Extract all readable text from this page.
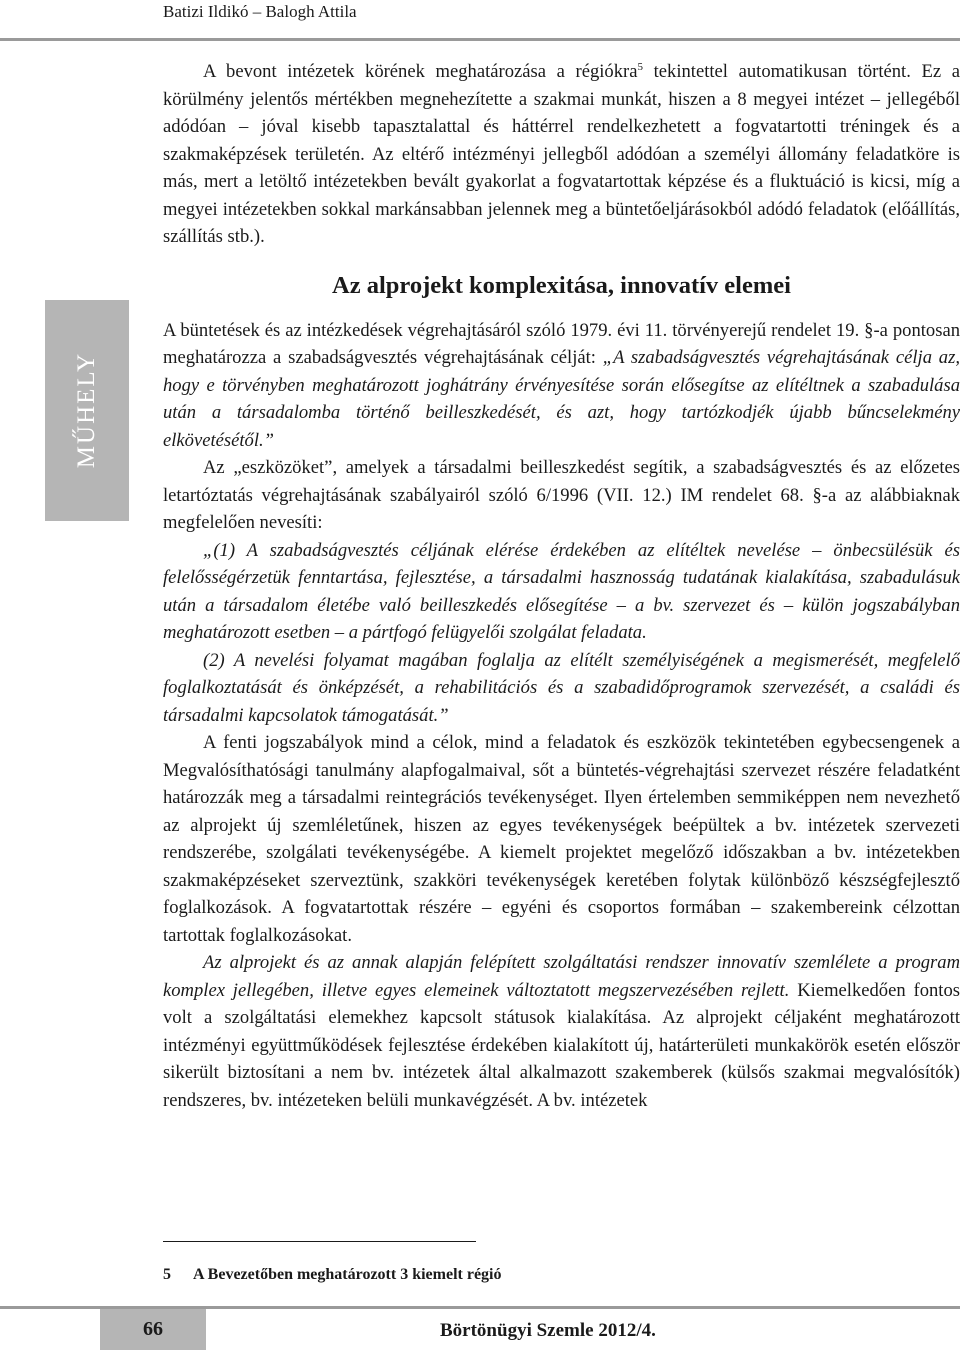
Batizi Ildikó – Balogh Attila
MŰHELY

A bevont intézetek körének meghatározása a régiókra$^5$ tekintettel automatikusan történt. Ez a körülmény jelentős mértékben megnehezítette a szakmai munkát, hiszen a 8 megyei intézet – jellegéből adódóan – jóval kisebb tapasztalattal és háttérrel rendelkezhetett a fogvatartotti tréningek és a szakmaképzések területén. Az eltérő intézményi jellegből adódóan a személyi állomány feladatköre is más, mert a letöltő intézetekben bevált gyakorlat a fogvatartottak képzése és a fluktuáció is kicsi, míg a megyei intézetekben sokkal markánsabban jelennek meg a büntetőeljárásokból adódó feladatok (előállítás, szállítás stb.).

Az alprojekt komplexitása, innovatív elemei

A büntetések és az intézkedések végrehajtásáról szóló 1979. évi 11. törvényerejű rendelet 19. §-a pontosan meghatározza a szabadságvesztés végrehajtásának célját: „A szabadságvesztés végrehajtásának célja az, hogy e törvényben meghatározott joghátrány érvényesítése során elősegítse az elítéltnek a szabadulása után a társadalomba történő beilleszkedését, és azt, hogy tartózkodjék újabb bűncselekmény elkövetésétől.”

Az „eszközöket”, amelyek a társadalmi beilleszkedést segítik, a szabadságvesztés és az előzetes letartóztatás végrehajtásának szabályairól szóló 6/1996 (VII. 12.) IM rendelet 68. §-a az alábbiaknak megfelelően nevesíti:

„(1) A szabadságvesztés céljának elérése érdekében az elítéltek nevelése – önbecsülésük és felelősségérzetük fenntartása, fejlesztése, a társadalmi hasznosság tudatának kialakítása, szabadulásuk után a társadalom életébe való beilleszkedés elősegítése – a bv. szervezet és – külön jogszabályban meghatározott esetben – a pártfogó felügyelői szolgálat feladata.

(2) A nevelési folyamat magában foglalja az elítélt személyiségének a megismerését, megfelelő foglalkoztatását és önképzését, a rehabilitációs és a szabadidőprogramok szervezését, a családi és társadalmi kapcsolatok támogatását.”

A fenti jogszabályok mind a célok, mind a feladatok és eszközök tekintetében egybecsengenek a Megvalósíthatósági tanulmány alapfogalmaival, sőt a büntetés-végrehajtási szervezet részére feladatként határozzák meg a társadalmi reintegrációs tevékenységet. Ilyen értelemben semmiképpen nem nevezhető az alprojekt új szemléletűnek, hiszen az egyes tevékenységek beépültek a bv. intézetek szervezeti rendszerébe, szolgálati tevékenységébe. A kiemelt projektet megelőző időszakban a bv. intézetekben szakmaképzéseket szerveztünk, szakköri tevékenységek keretében folytak különböző készségfejlesztő foglalkozások. A fogvatartottak részére – egyéni és csoportos formában – szakembereink célzottan tartottak foglalkozásokat.

Az alprojekt és az annak alapján felépített szolgáltatási rendszer innovatív szemlélete a program komplex jellegében, illetve egyes elemeinek változtatott megszervezésében rejlett. Kiemelkedően fontos volt a szolgáltatási elemekhez kapcsolt státusok kialakítása. Az alprojekt céljaként meghatározott intézményi együttműködések fejlesztése érdekében kialakított új, határterületi munkakörök esetén először sikerült biztosítani a nem bv. intézetek által alkalmazott szakemberek (külsős szakmai megvalósítók) rendszeres, bv. intézeteken belüli munkavégzését. A bv. intézetek

5 A Bevezetőben meghatározott 3 kiemelt régió
66	Börtönügyi Szemle 2012/4.
